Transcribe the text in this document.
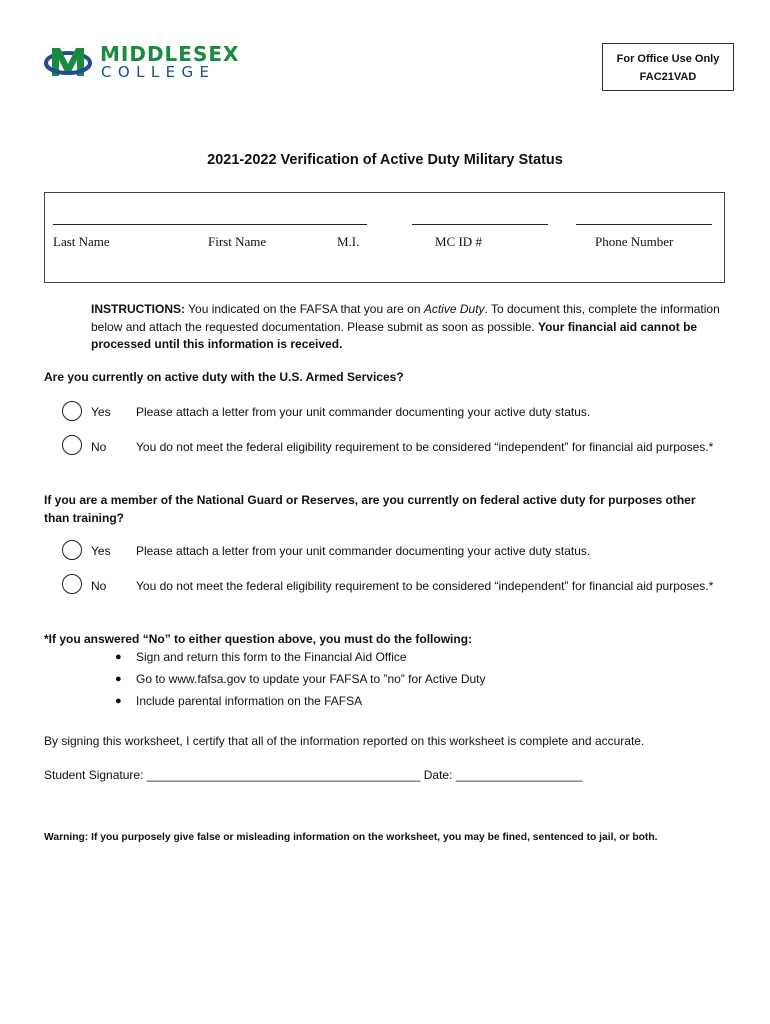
MIDDLESEX
COLLEGE
For Office Use Only
FAC21VAD
2021-2022 Verification of Active Duty Military Status
Last Name	First Name	M.I.	MC ID #	Phone Number
INSTRUCTIONS: You indicated on the FAFSA that you are on Active Duty. To document this, complete the information below and attach the requested documentation. Please submit as soon as possible. Your financial aid cannot be processed until this information is received.
Are you currently on active duty with the U.S. Armed Services?
Yes Please attach a letter from your unit commander documenting your active duty status.
No You do not meet the federal eligibility requirement to be considered “independent” for financial aid purposes.*
If you are a member of the National Guard or Reserves, are you currently on federal active duty for purposes other than training?
Yes Please attach a letter from your unit commander documenting your active duty status.
No You do not meet the federal eligibility requirement to be considered “independent” for financial aid purposes.*
*If you answered “No” to either question above, you must do the following:
● Sign and return this form to the Financial Aid Office
● Go to www.fafsa.gov to update your FAFSA to ”no” for Active Duty
● Include parental information on the FAFSA
By signing this worksheet, I certify that all of the information reported on this worksheet is complete and accurate.
Student Signature: _________________________________________ Date: ___________________
Warning: If you purposely give false or misleading information on the worksheet, you may be fined, sentenced to jail, or both.
